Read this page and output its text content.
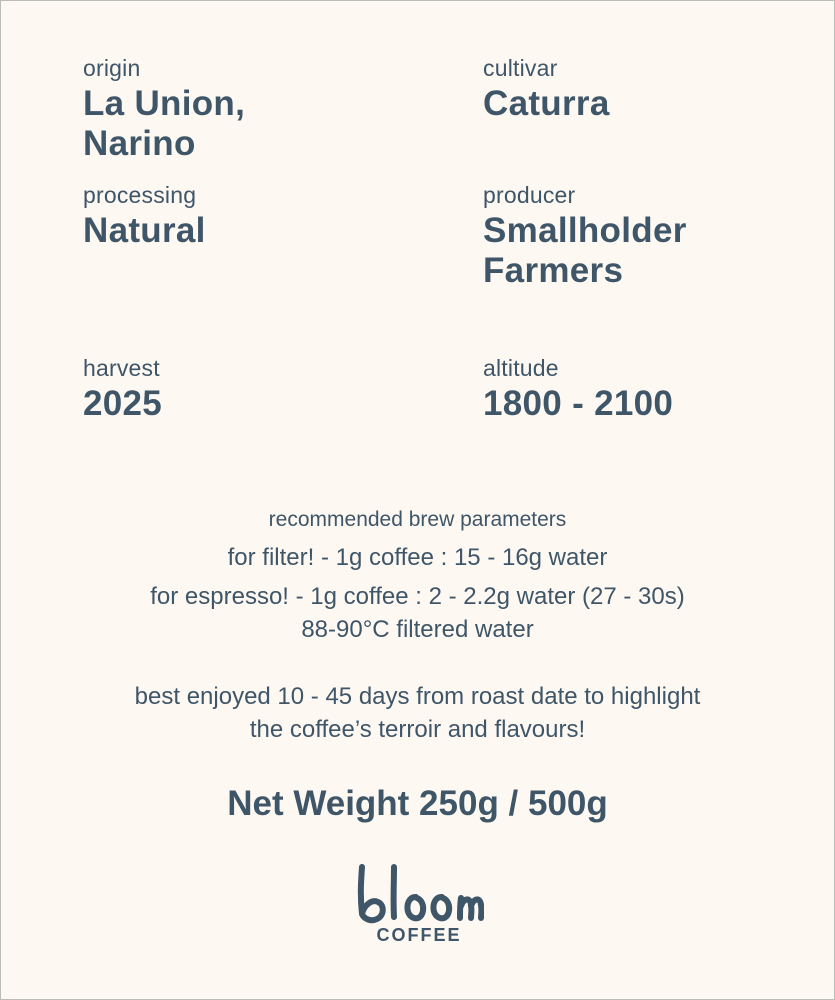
origin
La Union,
Narino
cultivar
Caturra
processing
Natural
producer
Smallholder
Farmers
harvest
2025
altitude
1800 - 2100
recommended brew parameters
for filter! - 1g coffee : 15 - 16g water
for espresso! - 1g coffee : 2 - 2.2g water (27 - 30s)
88-90°C filtered water
best enjoyed 10 - 45 days from roast date to highlight
the coffee’s terroir and flavours!
Net Weight 250g / 500g
COFFEE
